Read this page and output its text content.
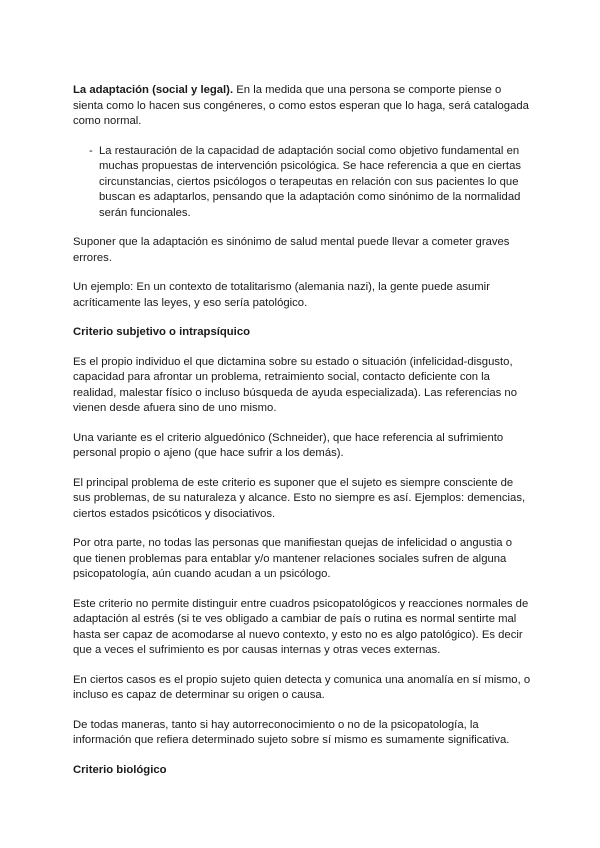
La adaptación (social y legal). En la medida que una persona se comporte piense o sienta como lo hacen sus congéneres, o como estos esperan que lo haga, será catalogada como normal.

- La restauración de la capacidad de adaptación social como objetivo fundamental en muchas propuestas de intervención psicológica. Se hace referencia a que en ciertas circunstancias, ciertos psicólogos o terapeutas en relación con sus pacientes lo que buscan es adaptarlos, pensando que la adaptación como sinónimo de la normalidad serán funcionales.

Suponer que la adaptación es sinónimo de salud mental puede llevar a cometer graves errores.

Un ejemplo: En un contexto de totalitarismo (alemania nazi), la gente puede asumir acríticamente las leyes, y eso sería patológico.

Criterio subjetivo o intrapsíquico

Es el propio individuo el que dictamina sobre su estado o situación (infelicidad-disgusto, capacidad para afrontar un problema, retraimiento social, contacto deficiente con la realidad, malestar físico o incluso búsqueda de ayuda especializada). Las referencias no vienen desde afuera sino de uno mismo.

Una variante es el criterio alguedónico (Schneider), que hace referencia al sufrimiento personal propio o ajeno (que hace sufrir a los demás).

El principal problema de este criterio es suponer que el sujeto es siempre consciente de sus problemas, de su naturaleza y alcance. Esto no siempre es así. Ejemplos: demencias, ciertos estados psicóticos y disociativos.

Por otra parte, no todas las personas que manifiestan quejas de infelicidad o angustia o que tienen problemas para entablar y/o mantener relaciones sociales sufren de alguna psicopatología, aún cuando acudan a un psicólogo.

Este criterio no permite distinguir entre cuadros psicopatológicos y reacciones normales de adaptación al estrés (si te ves obligado a cambiar de país o rutina es normal sentirte mal hasta ser capaz de acomodarse al nuevo contexto, y esto no es algo patológico). Es decir que a veces el sufrimiento es por causas internas y otras veces externas.

En ciertos casos es el propio sujeto quien detecta y comunica una anomalía en sí mismo, o incluso es capaz de determinar su origen o causa.

De todas maneras, tanto si hay autorreconocimiento o no de la psicopatología, la información que refiera determinado sujeto sobre sí mismo es sumamente significativa.

Criterio biológico
